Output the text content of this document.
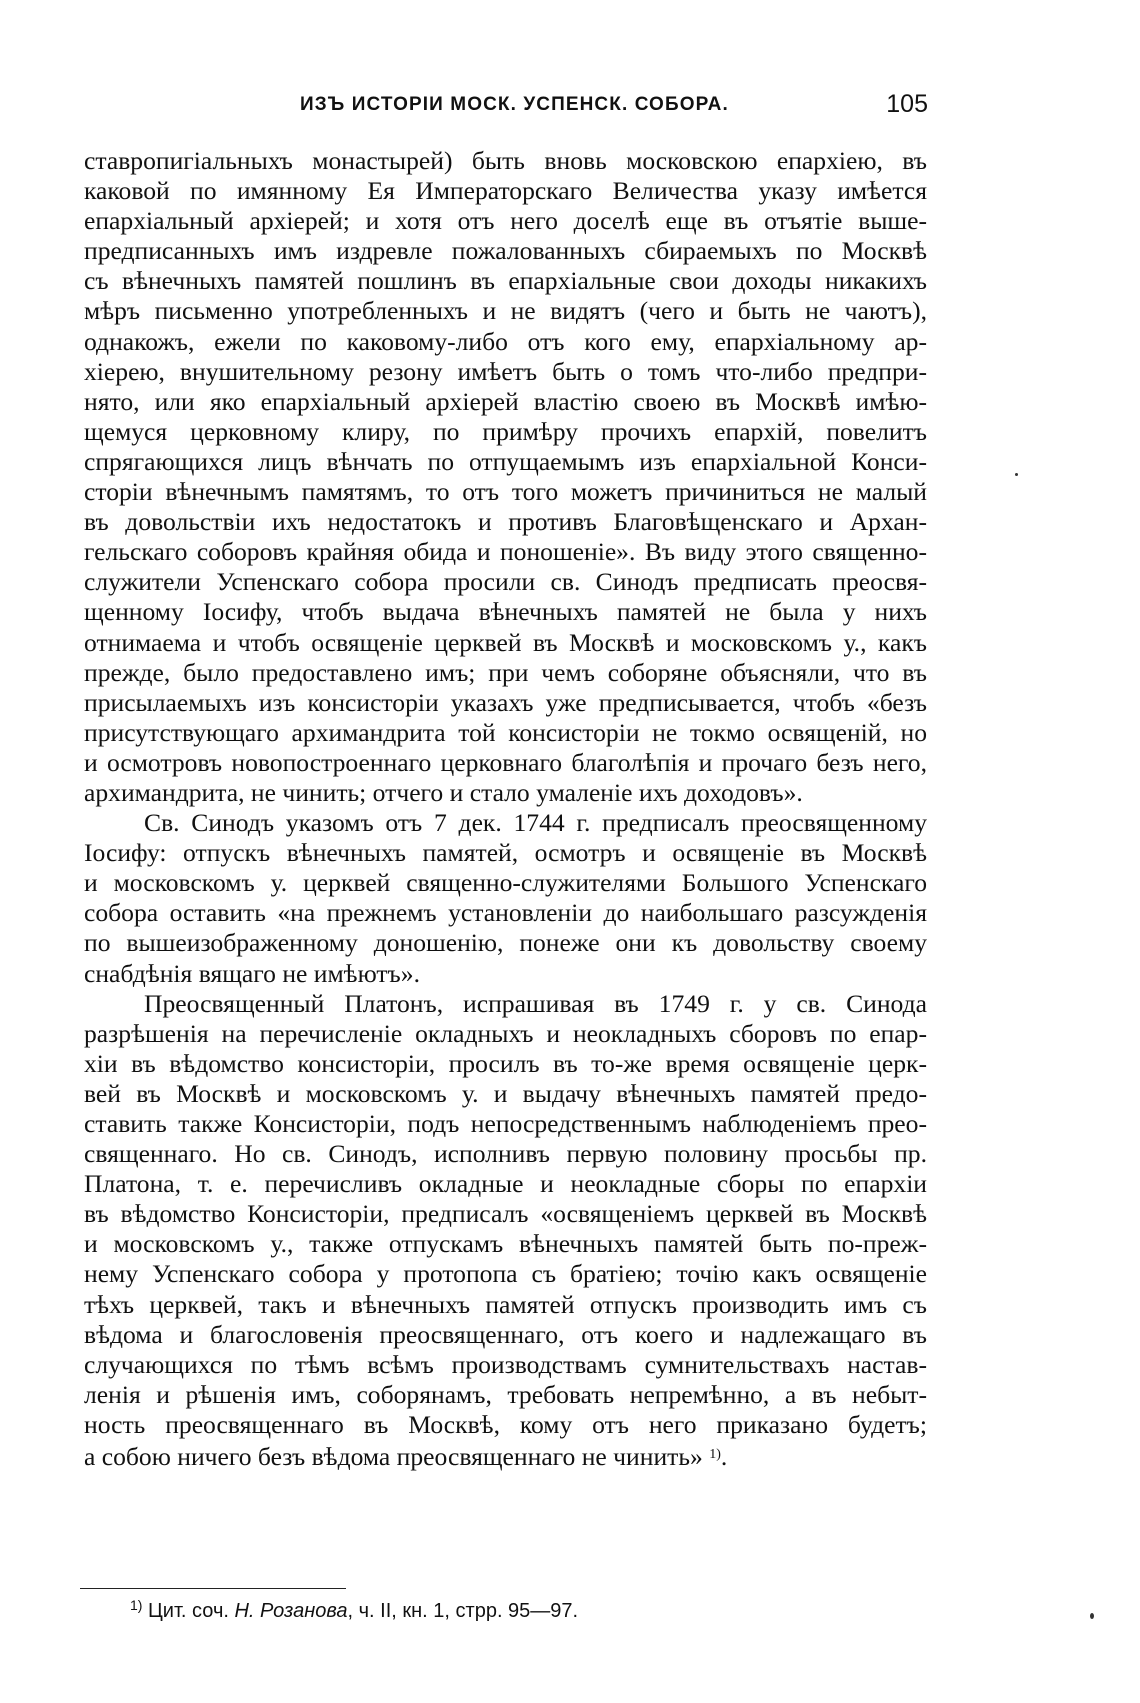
ИЗЪ ИСТОРІИ МОСК. УСПЕНСК. СОБОРА.	105
ставропигіальныхъ монастырей) быть вновь московскою епархіею, въ
каковой по имянному Ея Императорскаго Величества указу имѣется
епархіальный архіерей; и хотя отъ него доселѣ еще въ отъятіе выше-
предписанныхъ имъ издревле пожалованныхъ сбираемыхъ по Москвѣ
съ вѣнечныхъ памятей пошлинъ въ епархіальные свои доходы никакихъ
мѣръ письменно употребленныхъ и не видятъ (чего и быть не чаютъ),
однакожъ, ежели по каковому-либо отъ кого ему, епархіальному ар-
хіерею, внушительному резону имѣетъ быть о томъ что-либо предпри-
нято, или яко епархіальный архіерей властію своею въ Москвѣ имѣю-
щемуся церковному клиру, по примѣру прочихъ епархій, повелитъ
спрягающихся лицъ вѣнчать по отпущаемымъ изъ епархіальной Конси-
сторіи вѣнечнымъ памятямъ, то отъ того можетъ причиниться не малый
въ довольствіи ихъ недостатокъ и противъ Благовѣщенскаго и Архан-
гельскаго соборовъ крайняя обида и поношеніе». Въ виду этого священно-
служители Успенскаго собора просили св. Синодъ предписать преосвя-
щенному Іосифу, чтобъ выдача вѣнечныхъ памятей не была у нихъ
отнимаема и чтобъ освященіе церквей въ Москвѣ и московскомъ у., какъ
прежде, было предоставлено имъ; при чемъ соборяне объясняли, что въ
присылаемыхъ изъ консисторіи указахъ уже предписывается, чтобъ «безъ
присутствующаго архимандрита той консисторіи не токмо освященій, но
и осмотровъ новопостроеннаго церковнаго благолѣпія и прочаго безъ него,
архимандрита, не чинить; отчего и стало умаленіе ихъ доходовъ».
Св. Синодъ указомъ отъ 7 дек. 1744 г. предписалъ преосвященному
Іосифу: отпускъ вѣнечныхъ памятей, осмотръ и освященіе въ Москвѣ
и московскомъ у. церквей священно-служителями Большого Успенскаго
собора оставить «на прежнемъ установленіи до наибольшаго разсужденія
по вышеизображенному доношенію, понеже они къ довольству своему
снабдѣнія вящаго не имѣютъ».
Преосвященный Платонъ, испрашивая въ 1749 г. у св. Синода
разрѣшенія на перечисленіе окладныхъ и неокладныхъ сборовъ по епар-
хіи въ вѣдомство консисторіи, просилъ въ то-же время освященіе церк-
вей въ Москвѣ и московскомъ у. и выдачу вѣнечныхъ памятей предо-
ставить также Консисторіи, подъ непосредственнымъ наблюденіемъ прео-
священнаго. Но св. Синодъ, исполнивъ первую половину просьбы пр.
Платона, т. е. перечисливъ окладные и неокладные сборы по епархіи
въ вѣдомство Консисторіи, предписалъ «освященіемъ церквей въ Москвѣ
и московскомъ у., также отпускамъ вѣнечныхъ памятей быть по-преж-
нему Успенскаго собора у протопопа съ братіею; точію какъ освященіе
тѣхъ церквей, такъ и вѣнечныхъ памятей отпускъ производить имъ съ
вѣдома и благословенія преосвященнаго, отъ коего и надлежащаго въ
случающихся по тѣмъ всѣмъ производствамъ сумнительствахъ настав-
ленія и рѣшенія имъ, соборянамъ, требовать непремѣнно, а въ небыт-
ность преосвященнаго въ Москвѣ, кому отъ него приказано будетъ;
а собою ничего безъ вѣдома преосвященнаго не чинить» $^{1)}$.
$^{1)}$ Цит. соч. Н. Розанова, ч. II, кн. 1, стрр. 95—97.
